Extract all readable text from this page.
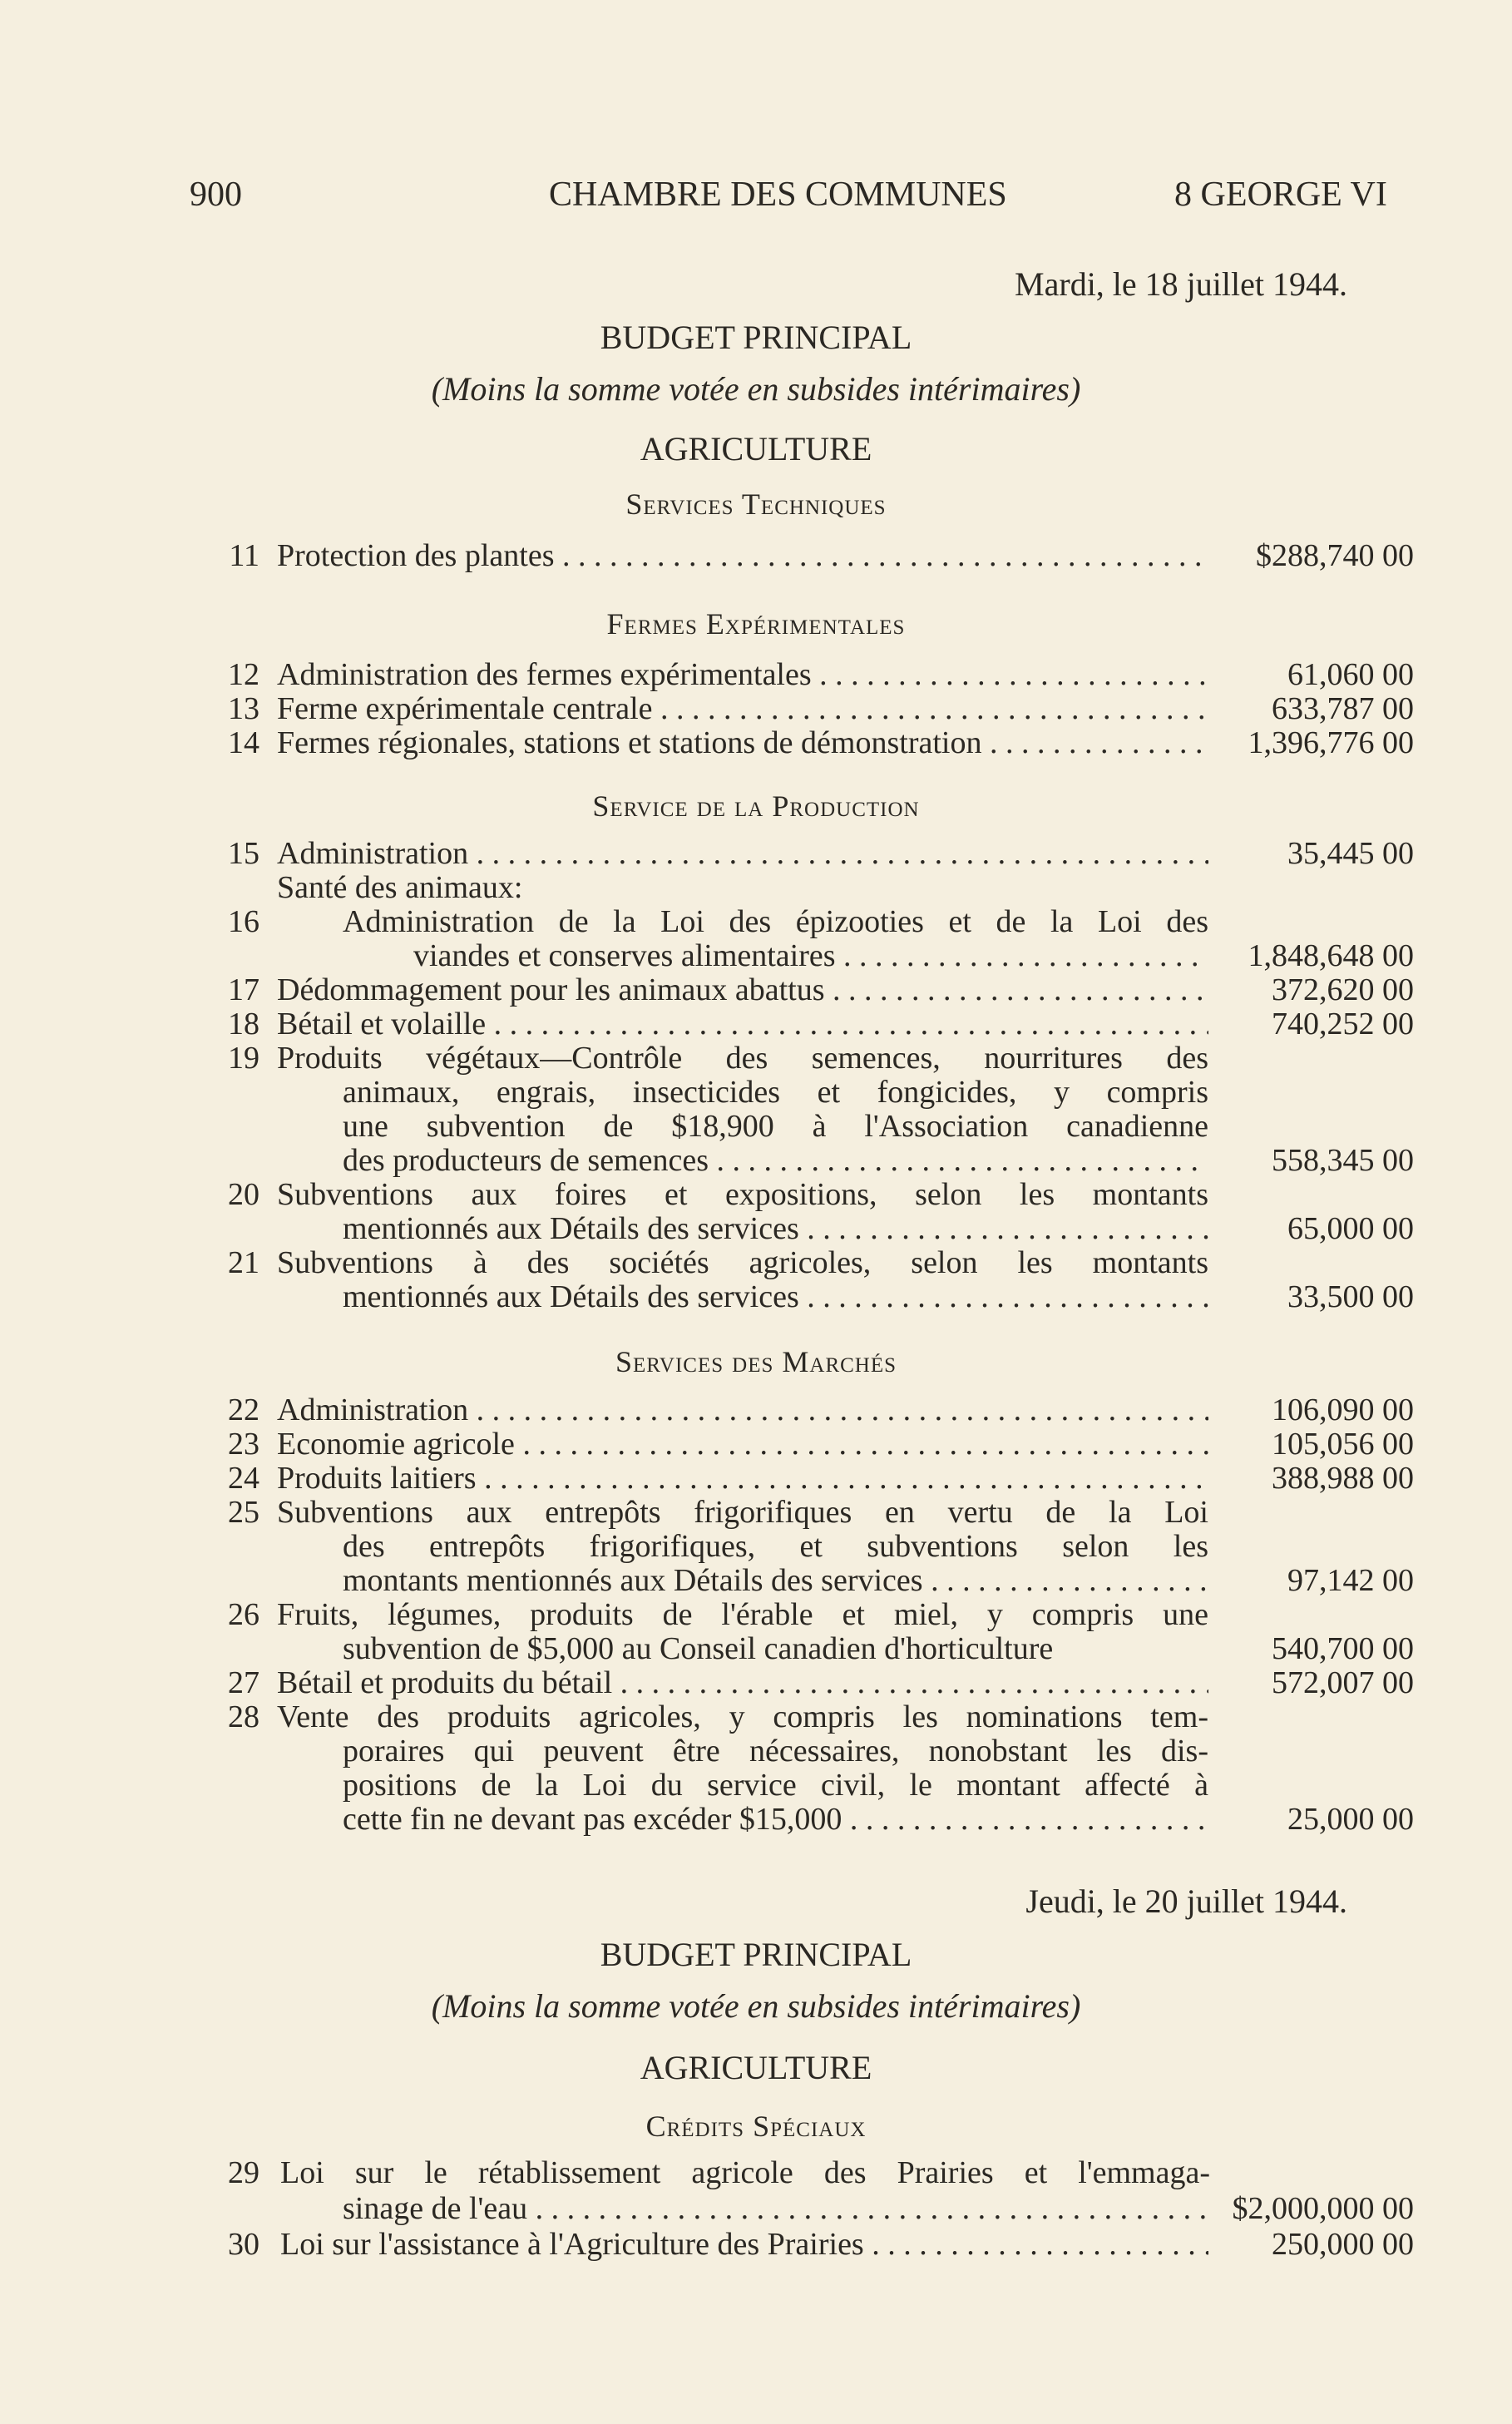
900	CHAMBRE DES COMMUNES	8 GEORGE VI
Mardi, le 18 juillet 1944.
BUDGET PRINCIPAL
(Moins la somme votée en subsides intérimaires)
AGRICULTURE
Services Techniques
11 Protection des plantes . . .	$288,740 00
Fermes Expérimentales
12 Administration des fermes expérimentales . . .	61,060 00
13 Ferme expérimentale centrale . . .	633,787 00
14 Fermes régionales, stations et stations de démonstration . . .	1,396,776 00
Service de la Production
15 Administration . . .	35,445 00
Santé des animaux:
16	Administration de la Loi des épizooties et de la Loi des
viandes et conserves alimentaires . . .	1,848,648 00
17 Dédommagement pour les animaux abattus . . .	372,620 00
18 Bétail et volaille . . .	740,252 00
19 Produits végétaux—Contrôle des semences, nourritures des
animaux, engrais, insecticides et fongicides, y compris
une subvention de $18,900 à l'Association canadienne
des producteurs de semences . . .	558,345 00
20 Subventions aux foires et expositions, selon les montants
mentionnés aux Détails des services . . .	65,000 00
21 Subventions à des sociétés agricoles, selon les montants
mentionnés aux Détails des services . . .	33,500 00
Services des Marchés
22 Administration . . .	106,090 00
23 Economie agricole . . .	105,056 00
24 Produits laitiers . . .	388,988 00
25 Subventions aux entrepôts frigorifiques en vertu de la Loi
des entrepôts frigorifiques, et subventions selon les
montants mentionnés aux Détails des services . . .	97,142 00
26 Fruits, légumes, produits de l'érable et miel, y compris une
subvention de $5,000 au Conseil canadien d'horticulture	540,700 00
27 Bétail et produits du bétail . . .	572,007 00
28 Vente des produits agricoles, y compris les nominations tem-
poraires qui peuvent être nécessaires, nonobstant les dis-
positions de la Loi du service civil, le montant affecté à
cette fin ne devant pas excéder $15,000 . . .	25,000 00
Jeudi, le 20 juillet 1944.
BUDGET PRINCIPAL
(Moins la somme votée en subsides intérimaires)
AGRICULTURE
Crédits Spéciaux
29 Loi sur le rétablissement agricole des Prairies et l'emmaga-
sinage de l'eau . . .	$2,000,000 00
30 Loi sur l'assistance à l'Agriculture des Prairies . . .	250,000 00
